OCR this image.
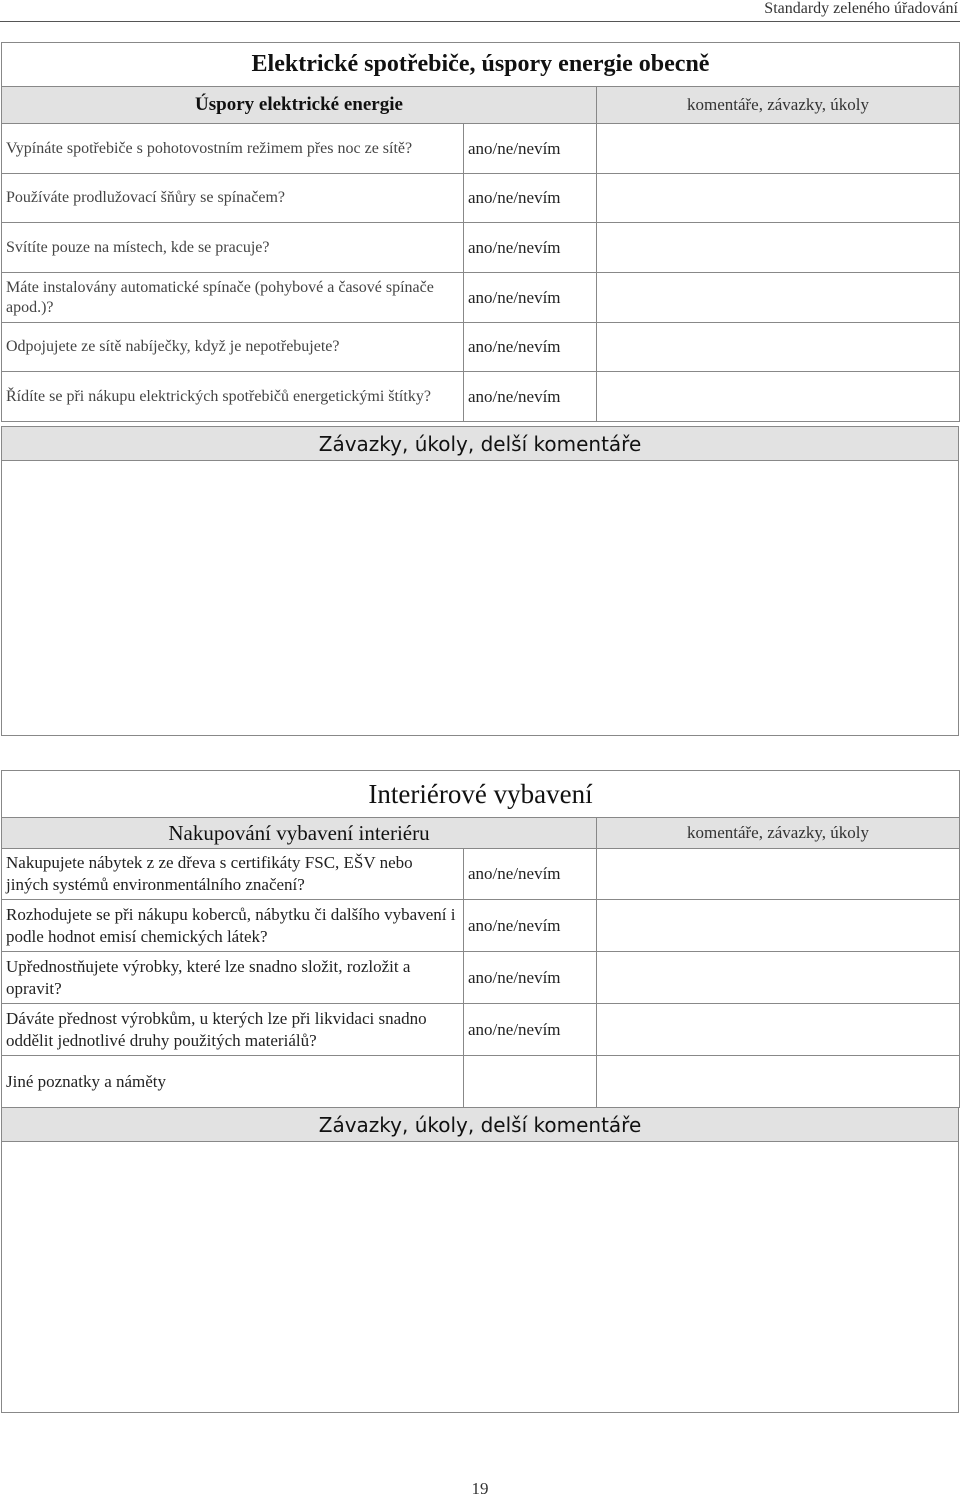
Standardy zeleného úřadování
Elektrické spotřebiče, úspory energie obecně		
Úspory elektrické energie		komentáře, závazky, úkoly
Vypínáte spotřebiče s pohotovostním režimem přes noc ze sítě?	ano/ne/nevím	
Používáte prodlužovací šňůry se spínačem?	ano/ne/nevím	
Svítíte pouze na místech, kde se pracuje?	ano/ne/nevím	
Máte instalovány automatické spínače (pohybové a časové spínače apod.)?	ano/ne/nevím	
Odpojujete ze sítě nabíječky, když je nepotřebujete?	ano/ne/nevím	
Řídíte se při nákupu elektrických spotřebičů energetickými štítky?	ano/ne/nevím	
Závazky, úkoly, delší komentáře

Interiérové vybavení		
Nakupování vybavení interiéru		komentáře, závazky, úkoly
Nakupujete nábytek z ze dřeva s certifikáty FSC, EŠV nebo jiných systémů environmentálního značení?	ano/ne/nevím	
Rozhodujete se při nákupu koberců, nábytku či dalšího vybavení i podle hodnot emisí chemických látek?	ano/ne/nevím	
Upřednostňujete výrobky, které lze snadno složit, rozložit a opravit?	ano/ne/nevím	
Dáváte přednost výrobkům, u kterých lze při likvidaci snadno oddělit jednotlivé druhy použitých materiálů?	ano/ne/nevím	
Jiné poznatky a náměty		
Závazky, úkoly, delší komentáře

19
